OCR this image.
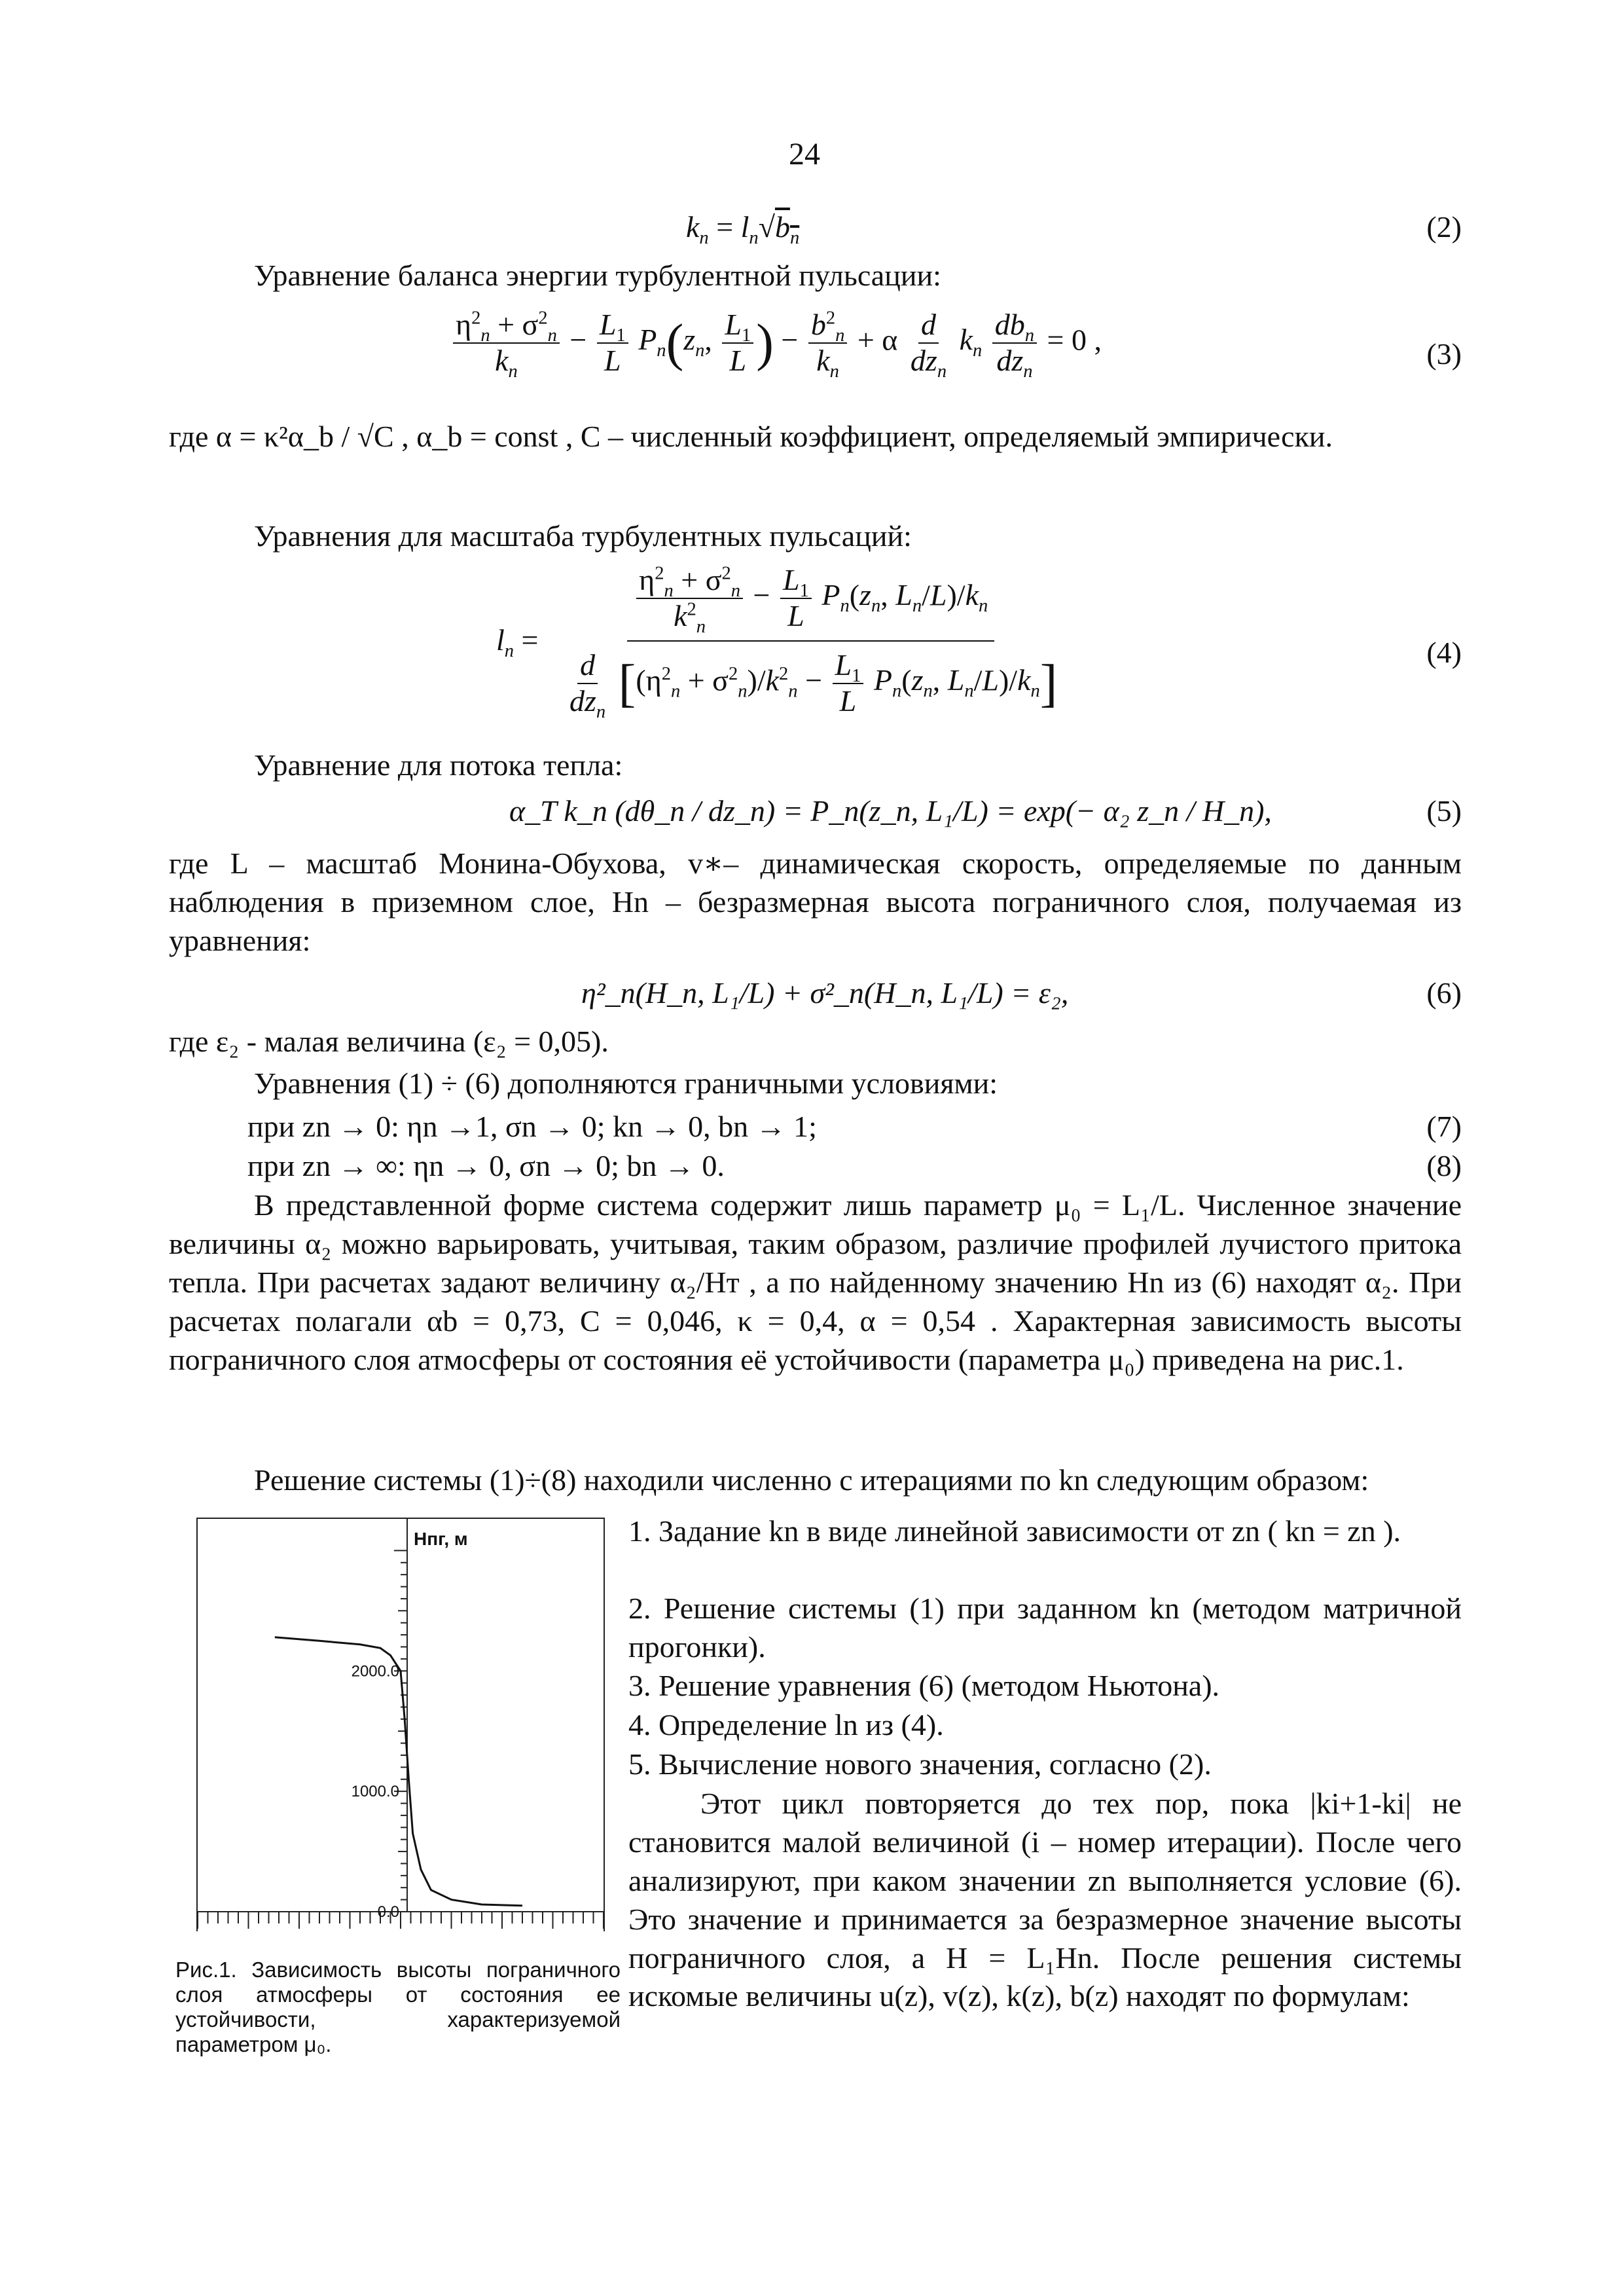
24
$k_n = l_n√b_n$	(2)
Уравнение баланса энергии турбулентной пульсации:
$\frac{\eta^2_n + \sigma^2_n}{k_n} - \frac{L_1}{L} P_n(z_n$, $\frac{L_1}{L}$ ) − $\frac{b^2_n}{k_n} + \alpha \frac{d}{dz_n} k_n \frac{db_n}{dz_n} = 0$ ,	(3)
где α = κ²α_b / √C , α_b = const , C – численный коэффициент, определяемый эмпирически.
Уравнения для масштаба турбулентных пульсаций:
$l_n$ =
$\frac{\eta^2_n + \sigma^2_n}{k^2_n} - \frac{L_1}{L} P_n(z_n$, $L_n/L)/k_n$
$\frac{d}{dz_n} [(\eta^2_n + \sigma^2_n)/k^2_n - \frac{L_1}{L} P_n(z_n$, $L_n/L)/k_n$]
(4)
Уравнение для потока тепла:
α_T k_n (dθ_n / dz_n) = P_n(z_n, L₁/L) = exp(− α₂ z_n / H_n),	(5)
где L – масштаб Монина-Обухова, v∗– динамическая скорость, определяемые по данным наблюдения в приземном слое, Hn – безразмерная высота пограничного слоя, получаемая из уравнения:
η²_n(H_n, L₁/L) + σ²_n(H_n, L₁/L) = ε₂,	(6)
где ε₂ - малая величина (ε₂ = 0,05).
Уравнения (1) ÷ (6) дополняются граничными условиями:
при zn → 0: ηn →1, σn → 0; kn → 0, bn → 1;	(7)
при zn → ∞: ηn → 0, σn → 0; bn → 0.	(8)
В представленной форме система содержит лишь параметр μ₀ = L₁/L. Численное значение величины α₂ можно варьировать, учитывая, таким образом, различие профилей лучистого притока тепла. При расчетах задают величину α₂/Hт , а по найденному значению Hn из (6) находят α₂. При расчетах полагали αb = 0,73, C = 0,046, κ = 0,4, α = 0,54 . Характерная зависимость высоты пограничного слоя атмосферы от состояния её устойчивости (параметра μ₀) приведена на рис.1.
Решение системы (1)÷(8) находили численно с итерациями по kn следующим образом:
2000.0
1000.0
0.0
Hпг, м
Рис.1. Зависимость высоты пограничного слоя атмосферы от состояния ее устойчивости, характеризуемой параметром μ₀.
1. Задание kn в виде линейной зависимости от zn ( kn = zn ).
2. Решение системы (1) при заданном kn (методом матричной прогонки).
3. Решение уравнения (6) (методом Ньютона).
4. Определение ln из (4).
5. Вычисление нового значения, согласно (2).
Этот цикл повторяется до тех пор, пока |ki+1-ki| не становится малой величиной (i – номер итерации). После чего анализируют, при каком значении zn выполняется условие (6). Это значение и принимается за безразмерное значение высоты пограничного слоя, а H = L₁Hn. После решения системы искомые величины u(z), v(z), k(z), b(z) находят по формулам:
